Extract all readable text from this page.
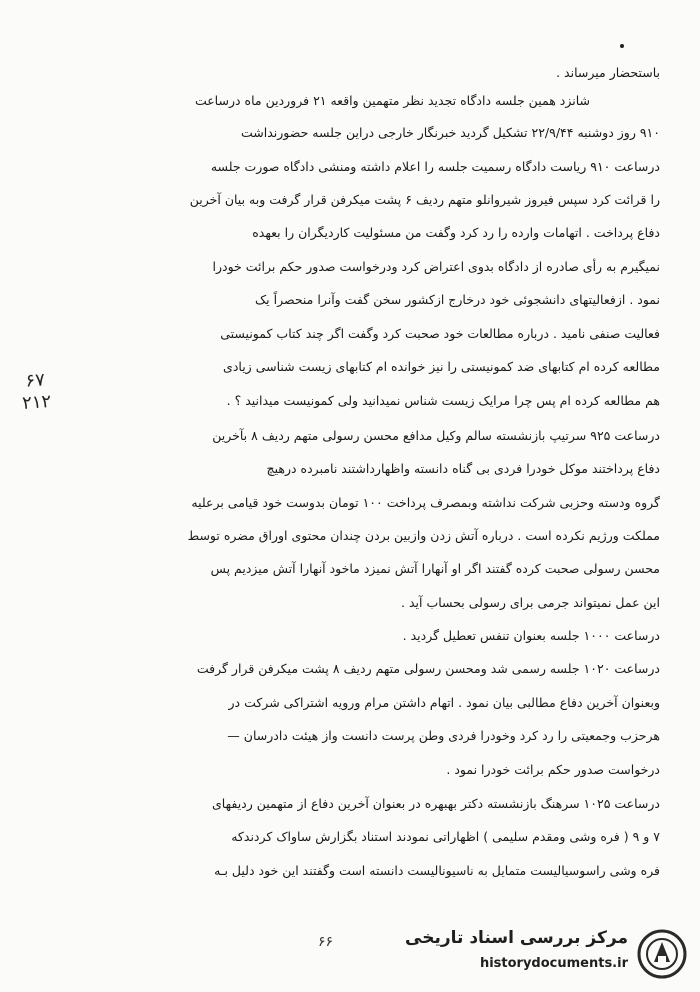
باستحضار میرساند .
شانزد همین جلسه دادگاه تجدید نظر متهمین واقعه ۲۱ فروردین ماه درساعت
۹۱۰ روز دوشنبه ۲۲/۹/۴۴ تشکیل گردید خبرنگار خارجی دراین جلسه حضورنداشت
درساعت ۹۱۰ ریاست دادگاه رسمیت جلسه را اعلام داشته ومنشی دادگاه صورت جلسه
را قرائت کرد سپس فیروز شیروانلو متهم ردیف ۶ پشت میکرفن قرار گرفت وبه بیان آخرین
دفاع پرداخت . اتهامات وارده را رد کرد وگفت من مسئولیت کاردیگران را بعهده
نمیگیرم به رأی صادره از دادگاه بدوی اعتراض کرد ودرخواست صدور حکم برائت خودرا
نمود . ازفعالیتهای دانشجوئی خود درخارج ازکشور سخن گفت وآنرا منحصراً یک
فعالیت صنفی نامید . درباره مطالعات خود صحبت کرد وگفت اگر چند کتاب کمونیستی
مطالعه کرده ام کتابهای ضد کمونیستی را نیز خوانده ام کتابهای زیست شناسی زیادی
هم مطالعه کرده ام پس چرا مرایک زیست شناس نمیدانید ولی کمونیست میدانید ؟ .
درساعت ۹۲۵ سرتیپ بازنشسته سالم وکیل مدافع محسن رسولی متهم ردیف ۸ بآخرین
دفاع پرداختند موکل خودرا فردی بی گناه دانسته واظهارداشتند نامبرده درهیچ
گروه ودسته وحزبی شرکت نداشته وبمصرف پرداخت ۱۰۰ تومان بدوست خود قیامی برعلیه
مملکت ورژیم نکرده است . درباره آتش زدن وازبین بردن چندان محتوی اوراق مضره توسط
محسن رسولی صحبت کرده گفتند اگر او آنهارا آتش نمیزد ماخود آنهارا آتش میزدیم پس
این عمل نمیتواند جرمی برای رسولی بحساب آید .
درساعت ۱۰۰۰ جلسه بعنوان تنفس تعطیل گردید .
درساعت ۱۰۲۰ جلسه رسمی شد ومحسن رسولی متهم ردیف ۸ پشت میکرفن قرار گرفت
وبعنوان آخرین دفاع مطالبی بیان نمود . اتهام داشتن مرام ورویه اشتراکی شرکت در
هرحزب وجمعیتی را رد کرد وخودرا فردی وطن پرست دانست واز هیئت دادرسان —
درخواست صدور حکم برائت خودرا نمود .
درساعت ۱۰۲۵ سرهنگ بازنشسته دکتر بهبهره در بعنوان آخرین دفاع از متهمین ردیفهای
۷ و ۹ ( فره وشی ومقدم سلیمی ) اظهاراتی نمودند استناد بگزارش ساواک کردندکه
فره وشی راسوسیالیست متمایل به ناسیونالیست دانسته است وگفتند این خود دلیل بـه
۶۷ ۲۱۲
۶۶	مرکز بررسی اسناد تاریخی
historydocuments.ir
